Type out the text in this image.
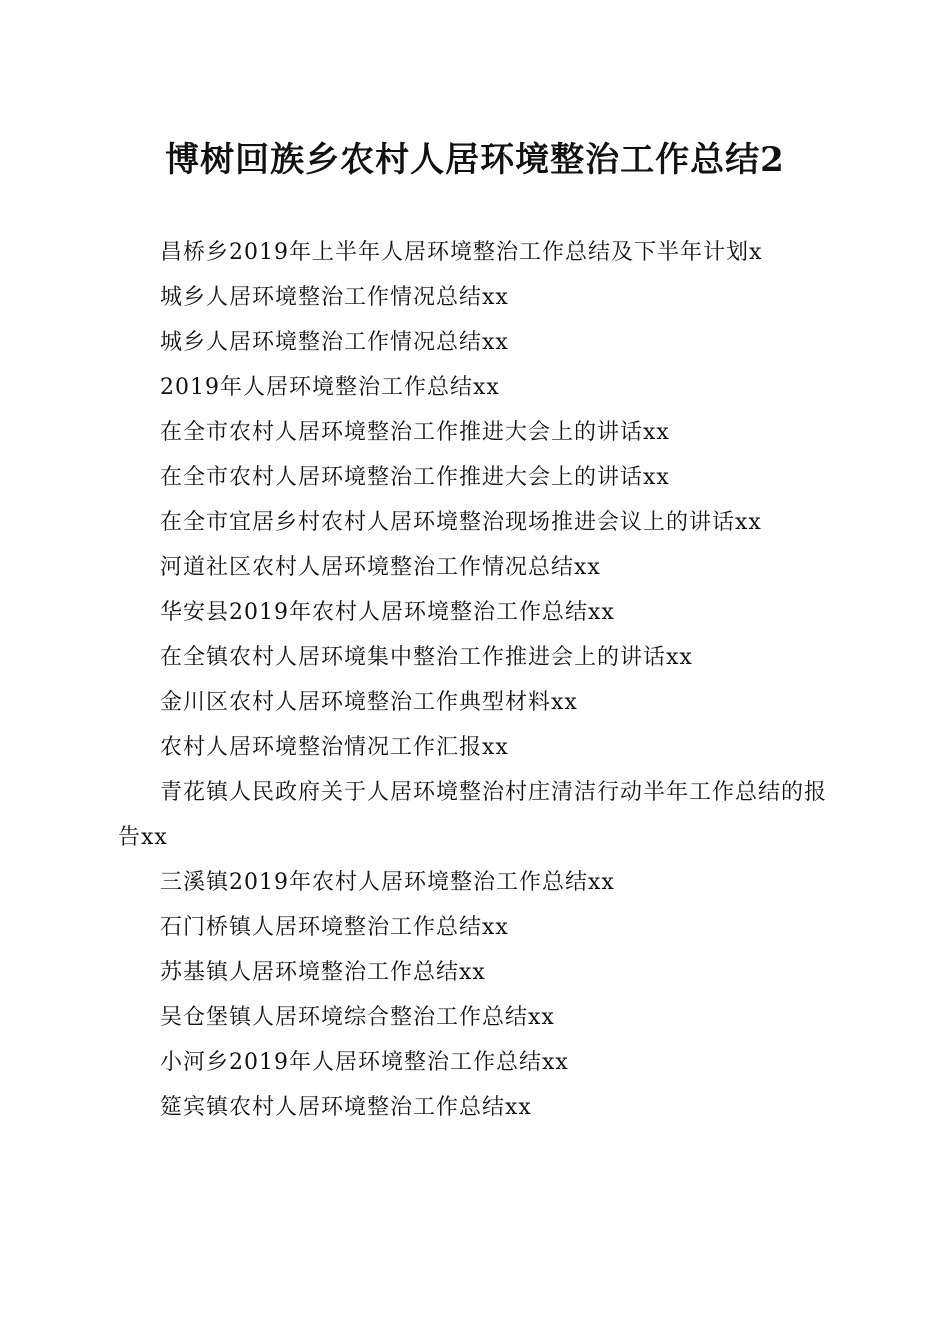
博树回族乡农村人居环境整治工作总结2
昌桥乡2019年上半年人居环境整治工作总结及下半年计划x
城乡人居环境整治工作情况总结xx
城乡人居环境整治工作情况总结xx
2019年人居环境整治工作总结xx
在全市农村人居环境整治工作推进大会上的讲话xx
在全市农村人居环境整治工作推进大会上的讲话xx
在全市宜居乡村农村人居环境整治现场推进会议上的讲话xx
河道社区农村人居环境整治工作情况总结xx
华安县2019年农村人居环境整治工作总结xx
在全镇农村人居环境集中整治工作推进会上的讲话xx
金川区农村人居环境整治工作典型材料xx
农村人居环境整治情况工作汇报xx
青花镇人民政府关于人居环境整治村庄清洁行动半年工作总结的报告xx
三溪镇2019年农村人居环境整治工作总结xx
石门桥镇人居环境整治工作总结xx
苏基镇人居环境整治工作总结xx
吴仓堡镇人居环境综合整治工作总结xx
小河乡2019年人居环境整治工作总结xx
筵宾镇农村人居环境整治工作总结xx
